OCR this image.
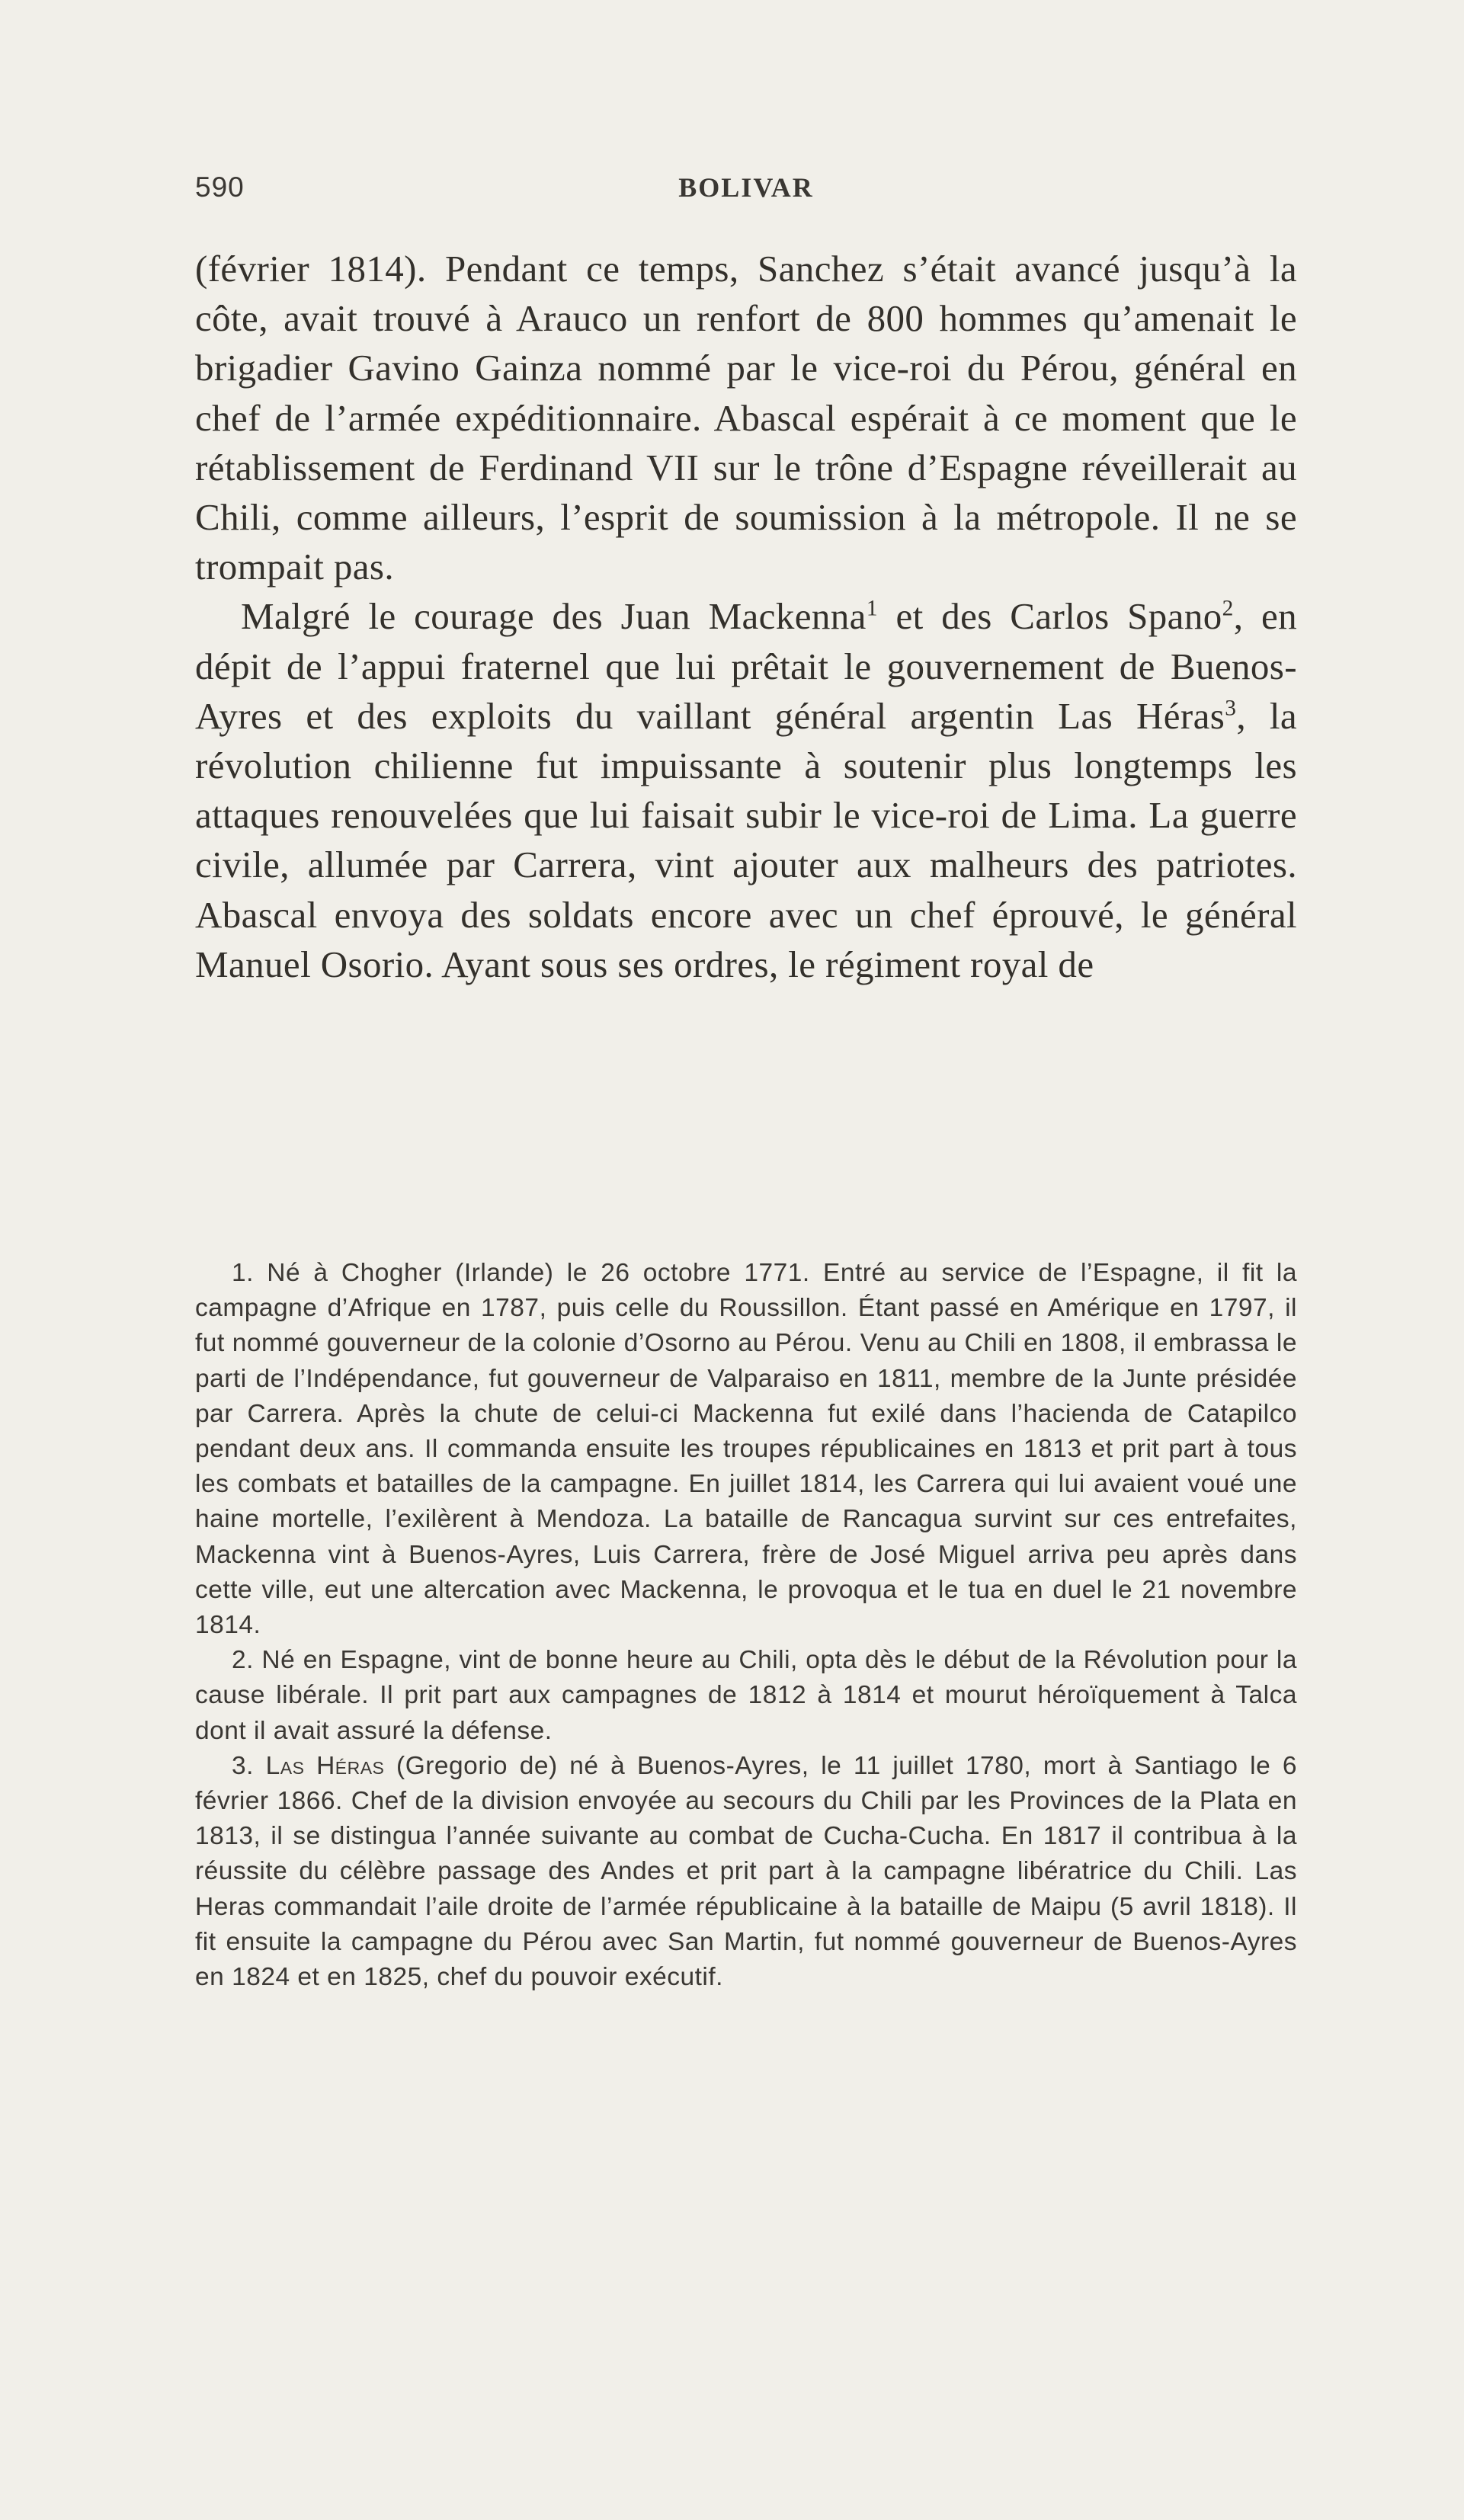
590	BOLIVAR

(février 1814). Pendant ce temps, Sanchez s’était avancé jusqu’à la côte, avait trouvé à Arauco un renfort de 800 hommes qu’amenait le brigadier Gavino Gainza nommé par le vice-roi du Pérou, général en chef de l’armée expéditionnaire. Abascal espérait à ce moment que le rétablissement de Ferdinand VII sur le trône d’Espagne réveillerait au Chili, comme ailleurs, l’esprit de soumission à la métropole. Il ne se trompait pas.

Malgré le courage des Juan Mackenna$^1$ et des Carlos Spano$^2$, en dépit de l’appui fraternel que lui prêtait le gouvernement de Buenos-Ayres et des exploits du vaillant général argentin Las Héras$^3$, la révolution chilienne fut impuissante à soutenir plus longtemps les attaques renouvelées que lui faisait subir le vice-roi de Lima. La guerre civile, allumée par Carrera, vint ajouter aux malheurs des patriotes. Abascal envoya des soldats encore avec un chef éprouvé, le général Manuel Osorio. Ayant sous ses ordres, le régiment royal de

1. Né à Chogher (Irlande) le 26 octobre 1771. Entré au service de l’Espagne, il fit la campagne d’Afrique en 1787, puis celle du Roussillon. Étant passé en Amérique en 1797, il fut nommé gouverneur de la colonie d’Osorno au Pérou. Venu au Chili en 1808, il embrassa le parti de l’Indépendance, fut gouverneur de Valparaiso en 1811, membre de la Junte présidée par Carrera. Après la chute de celui-ci Mackenna fut exilé dans l’hacienda de Catapilco pendant deux ans. Il commanda ensuite les troupes républicaines en 1813 et prit part à tous les combats et batailles de la campagne. En juillet 1814, les Carrera qui lui avaient voué une haine mortelle, l’exilèrent à Mendoza. La bataille de Rancagua survint sur ces entrefaites, Mackenna vint à Buenos-Ayres, Luis Carrera, frère de José Miguel arriva peu après dans cette ville, eut une altercation avec Mackenna, le provoqua et le tua en duel le 21 novembre 1814.

2. Né en Espagne, vint de bonne heure au Chili, opta dès le début de la Révolution pour la cause libérale. Il prit part aux campagnes de 1812 à 1814 et mourut héroïquement à Talca dont il avait assuré la défense.

3. Las Héras (Gregorio de) né à Buenos-Ayres, le 11 juillet 1780, mort à Santiago le 6 février 1866. Chef de la division envoyée au secours du Chili par les Provinces de la Plata en 1813, il se distingua l’année suivante au combat de Cucha-Cucha. En 1817 il contribua à la réussite du célèbre passage des Andes et prit part à la campagne libératrice du Chili. Las Heras commandait l’aile droite de l’armée républicaine à la bataille de Maipu (5 avril 1818). Il fit ensuite la campagne du Pérou avec San Martin, fut nommé gouverneur de Buenos-Ayres en 1824 et en 1825, chef du pouvoir exécutif.
